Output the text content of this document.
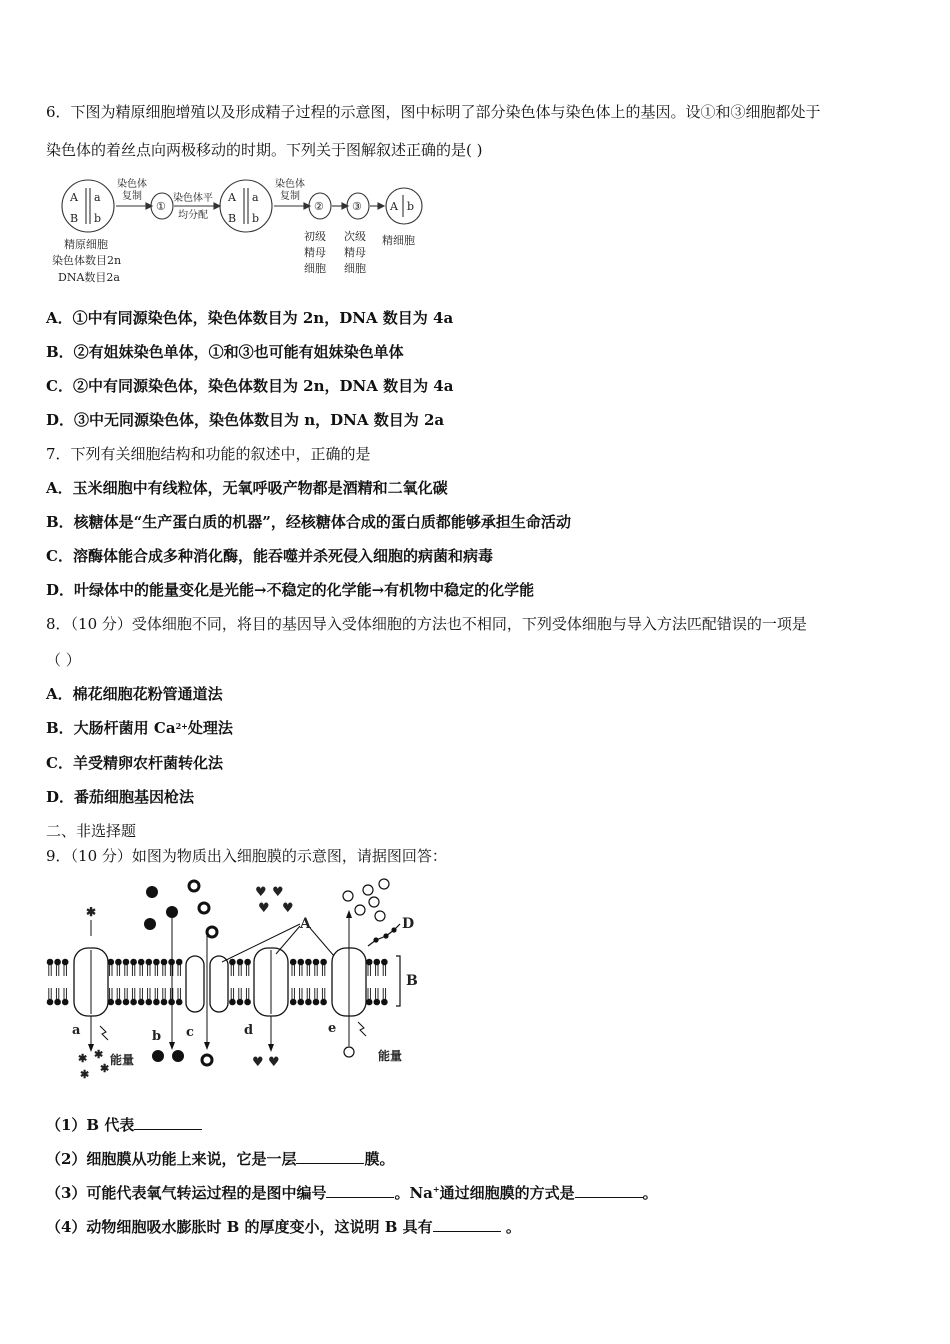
6．下图为精原细胞增殖以及形成精子过程的示意图，图中标明了部分染色体与染色体上的基因。设①和③细胞都处于
染色体的着丝点向两极移动的时期。下列关于图解叙述正确的是( )
A a
B b
A a
B b
A b
染色体
复制	染色体平
均分配
染色体
复制
①	②	③
精细胞
精原细胞
染色体数目2n
DNA数目2a
初级
精母
细胞
次级
精母
细胞
A．①中有同源染色体，染色体数目为 2n，DNA 数目为 4a
B．②有姐妹染色单体，①和③也可能有姐妹染色单体
C．②中有同源染色体，染色体数目为 2n，DNA 数目为 4a
D．③中无同源染色体，染色体数目为 n，DNA 数目为 2a
7．下列有关细胞结构和功能的叙述中，正确的是
A．玉米细胞中有线粒体，无氧呼吸产物都是酒精和二氧化碳
B．核糖体是“生产蛋白质的机器”，经核糖体合成的蛋白质都能够承担生命活动
C．溶酶体能合成多种消化酶，能吞噬并杀死侵入细胞的病菌和病毒
D．叶绿体中的能量变化是光能→不稳定的化学能→有机物中稳定的化学能
8．（10 分）受体细胞不同，将目的基因导入受体细胞的方法也不相同，下列受体细胞与导入方法匹配错误的一项是
（ ）
A．棉花细胞花粉管通道法
B．大肠杆菌用 $Ca^{2+}$处理法
C．羊受精卵农杆菌转化法
D．番茄细胞基因枪法
二、非选择题
9．（10 分）如图为物质出入细胞膜的示意图，请据图回答：
B
A	D
✱
a
能量
✱ ✱
✱ ✱
b c
♥ ♥
♥ ♥
d
♥ ♥
e
能量
（1）B 代表
（2）细胞膜从功能上来说，它是一层	膜。
（3）可能代表氧气转运过程的是图中编号	。Na+通过细胞膜的方式是	。
（4）动物细胞吸水膨胀时 B 的厚度变小，这说明 B 具有	。
